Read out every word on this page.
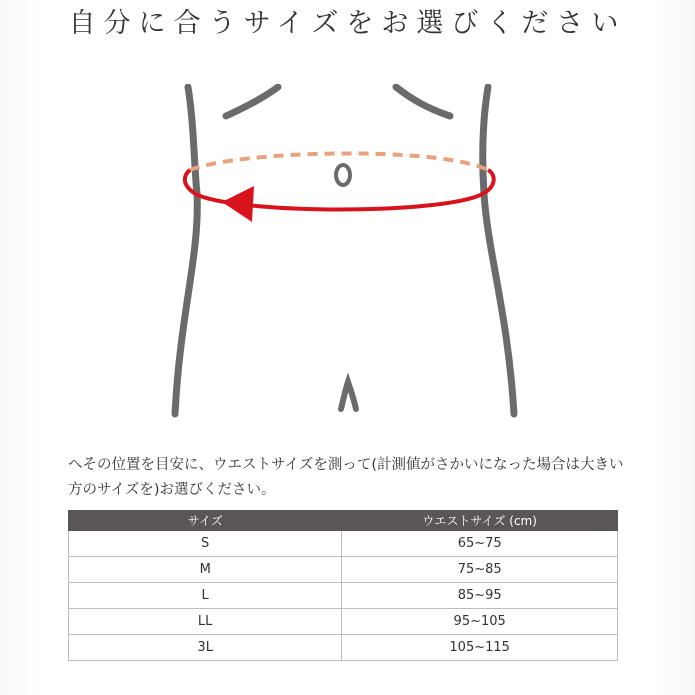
自分に合うサイズをお選びください
へその位置を目安に、ウエストサイズを測って(計測値がさかいになった場合は大きい方のサイズを)お選びください。
サイズ	ウエストサイズ (cm)
S	65~75
M	75~85
L	85~95
LL	95~105
3L	105~115
